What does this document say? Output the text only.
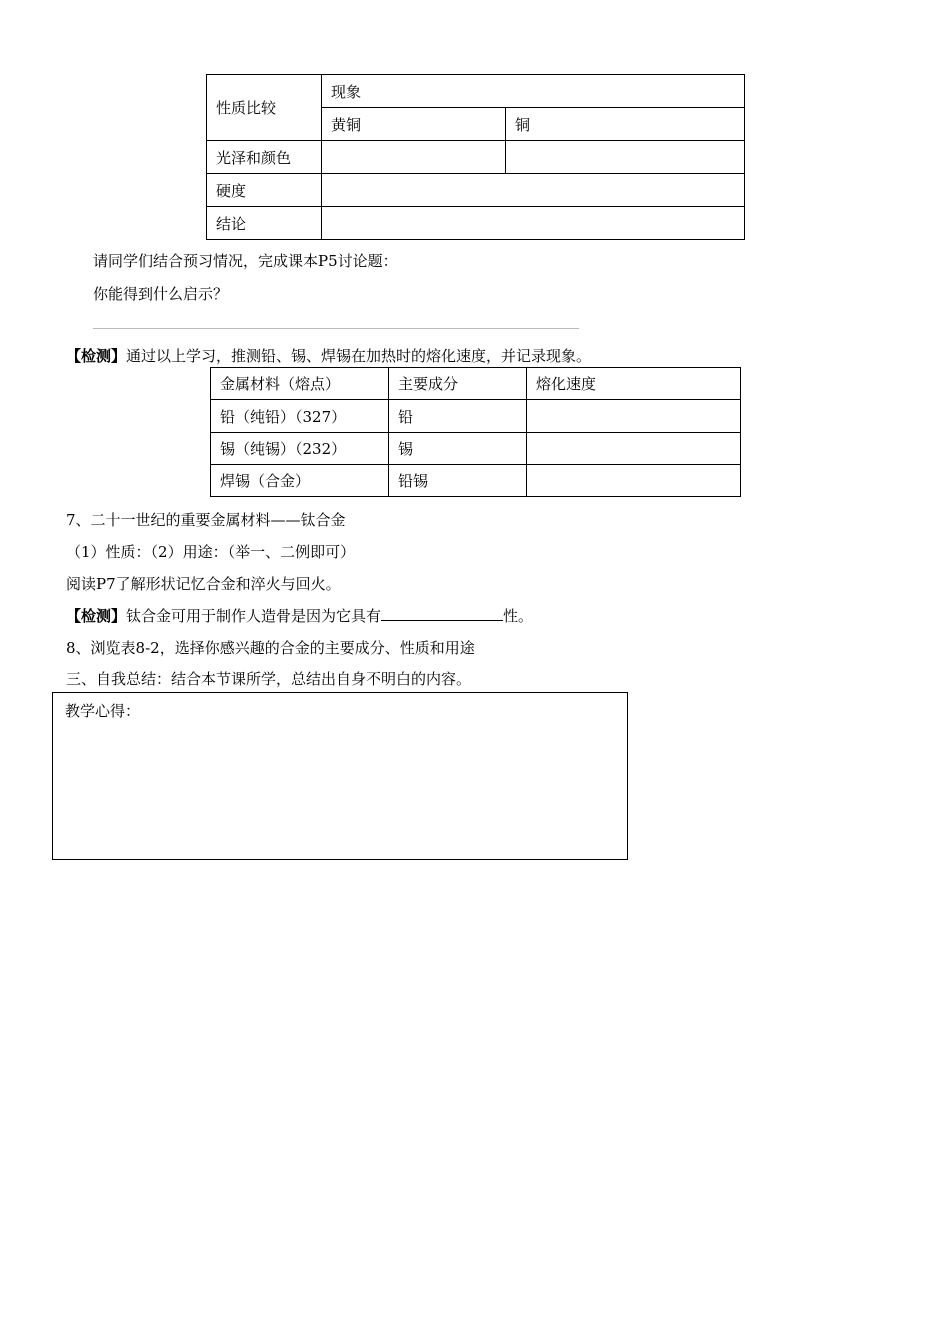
性质比较	现象	
	黄铜	铜
光泽和颜色		
硬度		
结论		
请同学们结合预习情况，完成课本P5讨论题：
你能得到什么启示？
【检测】通过以上学习，推测铅、锡、焊锡在加热时的熔化速度，并记录现象。
金属材料（熔点）	主要成分	熔化速度
铅（纯铅）（327）	铅	
锡（纯锡）（232）	锡	
焊锡（合金）	铅锡	
7、二十一世纪的重要金属材料——钛合金
（1）性质：（2）用途：（举一、二例即可）
阅读P7了解形状记忆合金和淬火与回火。
【检测】钛合金可用于制作人造骨是因为它具有	性。
8、浏览表8-2，选择你感兴趣的合金的主要成分、性质和用途
三、自我总结：结合本节课所学，总结出自身不明白的内容。
教学心得：
